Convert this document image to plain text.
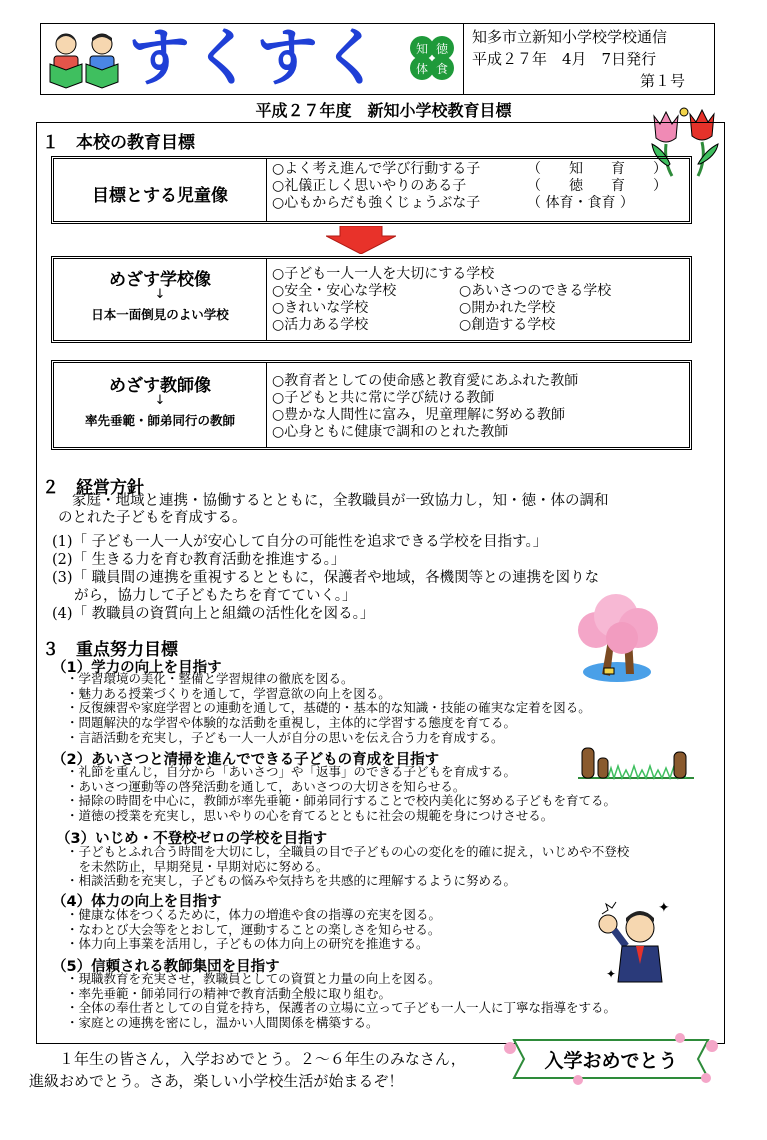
すくすく	知 徳
体 食
知多市立新知小学校学校通信
平成２７年　4月　7日発行
第１号
平成２７年度　新知小学校教育目標
１　本校の教育目標
目標とする児童像
○よく考え進んで学び行動する子
○礼儀正しく思いやりのある子
○心もからだも強くじょうぶな子
（　　知　　育　　）
（　　徳　　育　　）
（ 体育・食育 ）
めざす学校像
↓
日本一面倒見のよい学校
○子ども一人一人を大切にする学校
○安全・安心な学校
○きれいな学校
○活力ある学校
○あいさつのできる学校
○開かれた学校
○創造する学校
めざす教師像
↓
率先垂範・師弟同行の教師
○教育者としての使命感と教育愛にあふれた教師
○子どもと共に常に学び続ける教師
○豊かな人間性に富み，児童理解に努める教師
○心身ともに健康で調和のとれた教師
２　経営方針
家庭・地域と連携・協働するとともに，全教職員が一致協力し，知・徳・体の調和
のとれた子どもを育成する。
(1)「 子ども一人一人が安心して自分の可能性を追求できる学校を目指す。」
(2)「 生きる力を育む教育活動を推進する。」
(3)「 職員間の連携を重視するとともに，保護者や地域，各機関等との連携を図りな
がら，協力して子どもたちを育てていく。」
(4)「 教職員の資質向上と組織の活性化を図る。」
３　重点努力目標
（1）学力の向上を目指す
・学習環境の美化・整備と学習規律の徹底を図る。
・魅力ある授業づくりを通して，学習意欲の向上を図る。
・反復練習や家庭学習との連動を通して，基礎的・基本的な知識・技能の確実な定着を図る。
・問題解決的な学習や体験的な活動を重視し，主体的に学習する態度を育てる。
・言語活動を充実し，子ども一人一人が自分の思いを伝え合う力を育成する。
（2）あいさつと清掃を進んでできる子どもの育成を目指す
・礼節を重んじ，自分から「あいさつ」や「返事」のできる子どもを育成する。
・あいさつ運動等の啓発活動を通して，あいさつの大切さを知らせる。
・掃除の時間を中心に，教師が率先垂範・師弟同行することで校内美化に努める子どもを育てる。
・道徳の授業を充実し，思いやりの心を育てるとともに社会の規範を身につけさせる。
（3）いじめ・不登校ゼロの学校を目指す
・子どもとふれ合う時間を大切にし，全職員の目で子どもの心の変化を的確に捉え，いじめや不登校
　を未然防止，早期発見・早期対応に努める。
・相談活動を充実し，子どもの悩みや気持ちを共感的に理解するように努める。
（4）体力の向上を目指す
・健康な体をつくるために，体力の増進や食の指導の充実を図る。
・なわとび大会等をとおして，運動することの楽しさを知らせる。
・体力向上事業を活用し，子どもの体力向上の研究を推進する。
✦
✦
（5）信頼される教師集団を目指す
・現職教育を充実させ，教職員としての資質と力量の向上を図る。
・率先垂範・師弟同行の精神で教育活動全般に取り組む。
・全体の奉仕者としての自覚を持ち，保護者の立場に立って子ども一人一人に丁寧な指導をする。
・家庭との連携を密にし，温かい人間関係を構築する。
１年生の皆さん，入学おめでとう。２～６年生のみなさん，
進級おめでとう。さあ，楽しい小学校生活が始まるぞ！
入学おめでとう
